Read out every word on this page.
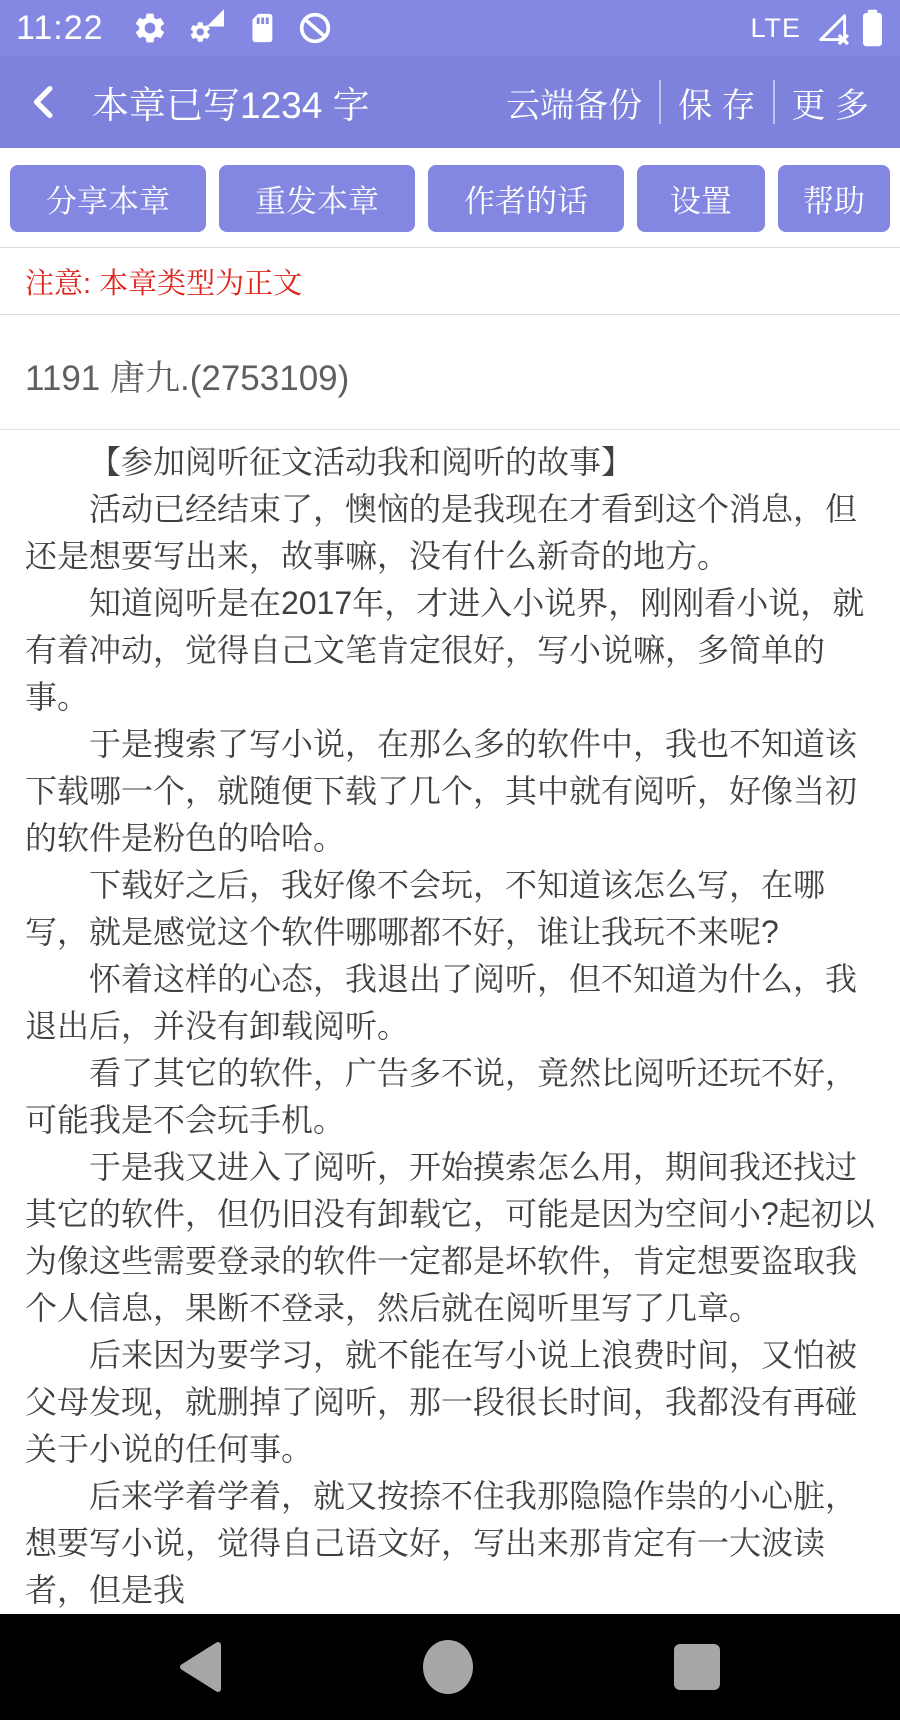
11:22	LTE
本章已写1234 字	云端备份	保 存	更 多
分享本章	重发本章	作者的话	设置	帮助
注意: 本章类型为正文
1191 唐九.(2753109)

【参加阅听征文活动我和阅听的故事】

活动已经结束了，懊恼的是我现在才看到这个消息，但还是想要写出来，故事嘛，没有什么新奇的地方。

知道阅听是在2017年，才进入小说界，刚刚看小说，就有着冲动，觉得自己文笔肯定很好，写小说嘛，多简单的事。

于是搜索了写小说，在那么多的软件中，我也不知道该下载哪一个，就随便下载了几个，其中就有阅听，好像当初的软件是粉色的哈哈。

下载好之后，我好像不会玩，不知道该怎么写，在哪写，就是感觉这个软件哪哪都不好，谁让我玩不来呢?

怀着这样的心态，我退出了阅听，但不知道为什么，我退出后，并没有卸载阅听。

看了其它的软件，广告多不说，竟然比阅听还玩不好，可能我是不会玩手机。

于是我又进入了阅听，开始摸索怎么用，期间我还找过其它的软件，但仍旧没有卸载它，可能是因为空间小?起初以为像这些需要登录的软件一定都是坏软件，肯定想要盗取我个人信息，果断不登录，然后就在阅听里写了几章。

后来因为要学习，就不能在写小说上浪费时间，又怕被父母发现，就删掉了阅听，那一段很长时间，我都没有再碰关于小说的任何事。

后来学着学着，就又按捺不住我那隐隐作祟的小心脏，想要写小说，觉得自己语文好，写出来那肯定有一大波读者，但是我
